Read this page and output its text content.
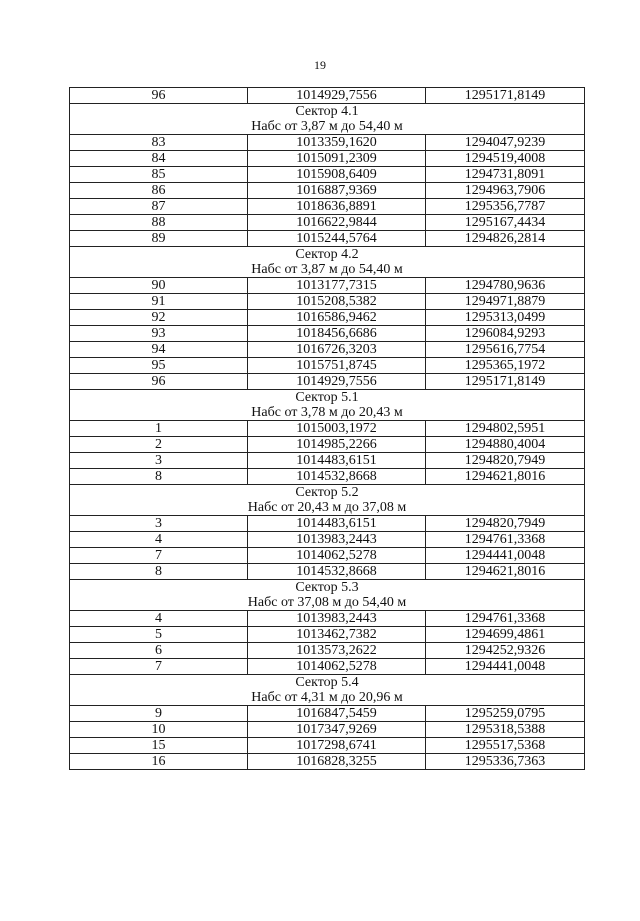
19
96	1014929,7556	1295171,8149
Сектор 4.1		
Набс от 3,87 м до 54,40 м		
83	1013359,1620	1294047,9239
84	1015091,2309	1294519,4008
85	1015908,6409	1294731,8091
86	1016887,9369	1294963,7906
87	1018636,8891	1295356,7787
88	1016622,9844	1295167,4434
89	1015244,5764	1294826,2814
Сектор 4.2		
Набс от 3,87 м до 54,40 м		
90	1013177,7315	1294780,9636
91	1015208,5382	1294971,8879
92	1016586,9462	1295313,0499
93	1018456,6686	1296084,9293
94	1016726,3203	1295616,7754
95	1015751,8745	1295365,1972
96	1014929,7556	1295171,8149
Сектор 5.1		
Набс от 3,78 м до 20,43 м		
1	1015003,1972	1294802,5951
2	1014985,2266	1294880,4004
3	1014483,6151	1294820,7949
8	1014532,8668	1294621,8016
Сектор 5.2		
Набс от 20,43 м до 37,08 м		
3	1014483,6151	1294820,7949
4	1013983,2443	1294761,3368
7	1014062,5278	1294441,0048
8	1014532,8668	1294621,8016
Сектор 5.3		
Набс от 37,08 м до 54,40 м		
4	1013983,2443	1294761,3368
5	1013462,7382	1294699,4861
6	1013573,2622	1294252,9326
7	1014062,5278	1294441,0048
Сектор 5.4		
Набс от 4,31 м до 20,96 м		
9	1016847,5459	1295259,0795
10	1017347,9269	1295318,5388
15	1017298,6741	1295517,5368
16	1016828,3255	1295336,7363
